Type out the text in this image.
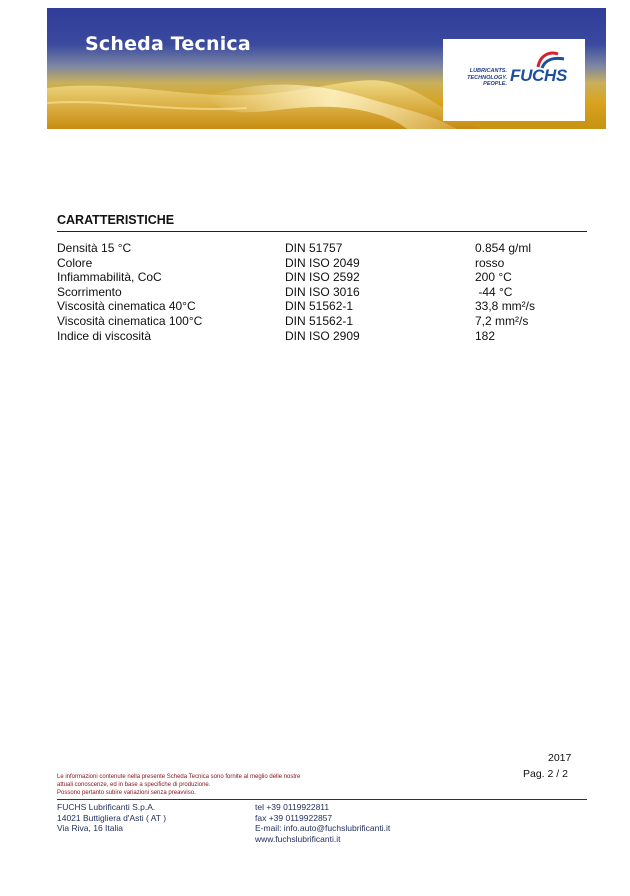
Scheda Tecnica
LUBRICANTS.
TECHNOLOGY.
PEOPLE. FUCHS
CARATTERISTICHE
Densità 15 °C	DIN 51757	0.854 g/ml
Colore	DIN ISO 2049	rosso
Infiammabilità, CoC	DIN ISO 2592	200 °C
Scorrimento	DIN ISO 3016	-44 °C
Viscosità cinematica 40°C	DIN 51562-1	33,8 mm²/s
Viscosità cinematica 100°C	DIN 51562-1	7,2 mm²/s
Indice di viscosità	DIN ISO 2909	182
2017
Pag. 2 / 2
Le informazioni contenute nella presente Scheda Tecnica sono fornite al meglio delle nostre
attuali conoscenze, ed in base a specifiche di produzione.
Possono pertanto subire variazioni senza preavviso.
FUCHS Lubrificanti S.p.A.
14021 Buttigliera d'Asti ( AT )
Via Riva, 16 Italia
tel +39 0119922811
fax +39 0119922857
E-mail: info.auto@fuchslubrificanti.it
www.fuchslubrificanti.it
